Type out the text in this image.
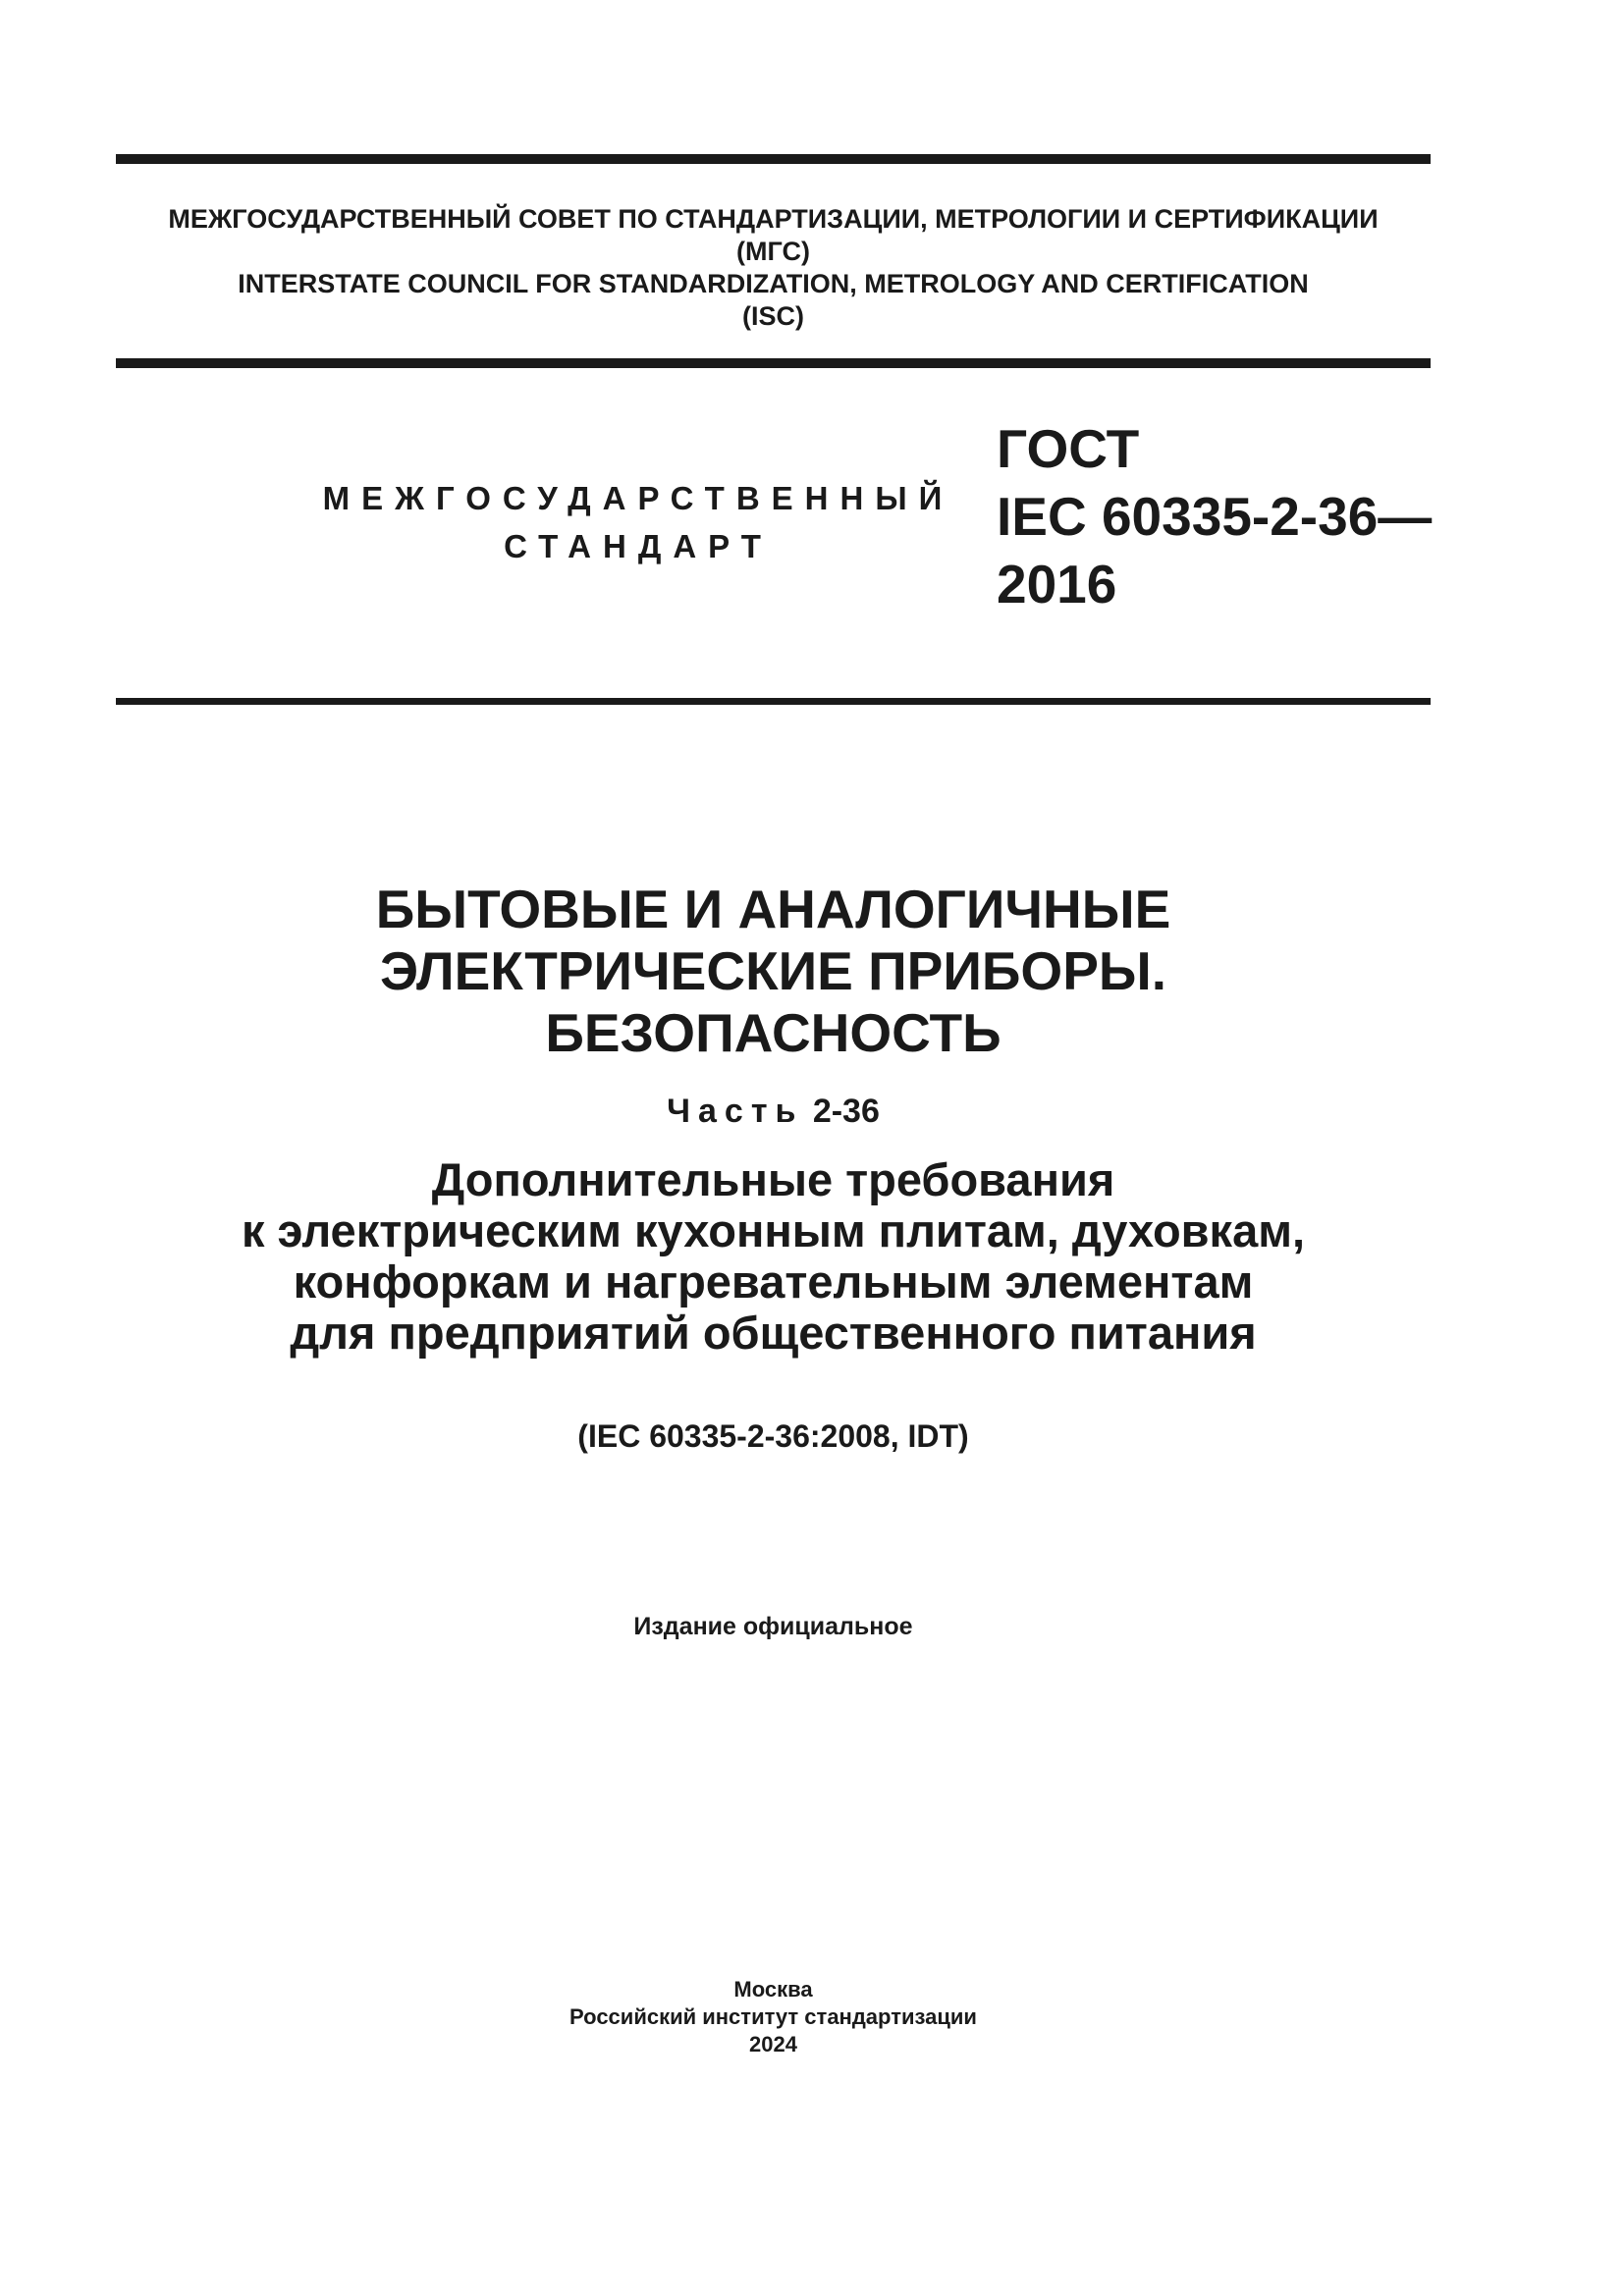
МЕЖГОСУДАРСТВЕННЫЙ СОВЕТ ПО СТАНДАРТИЗАЦИИ, МЕТРОЛОГИИ И СЕРТИФИКАЦИИ
(МГС)
INTERSTATE COUNCIL FOR STANDARDIZATION, METROLOGY AND CERTIFICATION
(ISC)
МЕЖГОСУДАРСТВЕННЫЙ
СТАНДАРТ
ГОСТ
IEC 60335-2-36—
2016
БЫТОВЫЕ И АНАЛОГИЧНЫЕ
ЭЛЕКТРИЧЕСКИЕ ПРИБОРЫ.
БЕЗОПАСНОСТЬ
Часть 2-36
Дополнительные требования
к электрическим кухонным плитам, духовкам,
конфоркам и нагревательным элементам
для предприятий общественного питания
(IEC 60335-2-36:2008, IDT)
Издание официальное
Москва
Российский институт стандартизации
2024
